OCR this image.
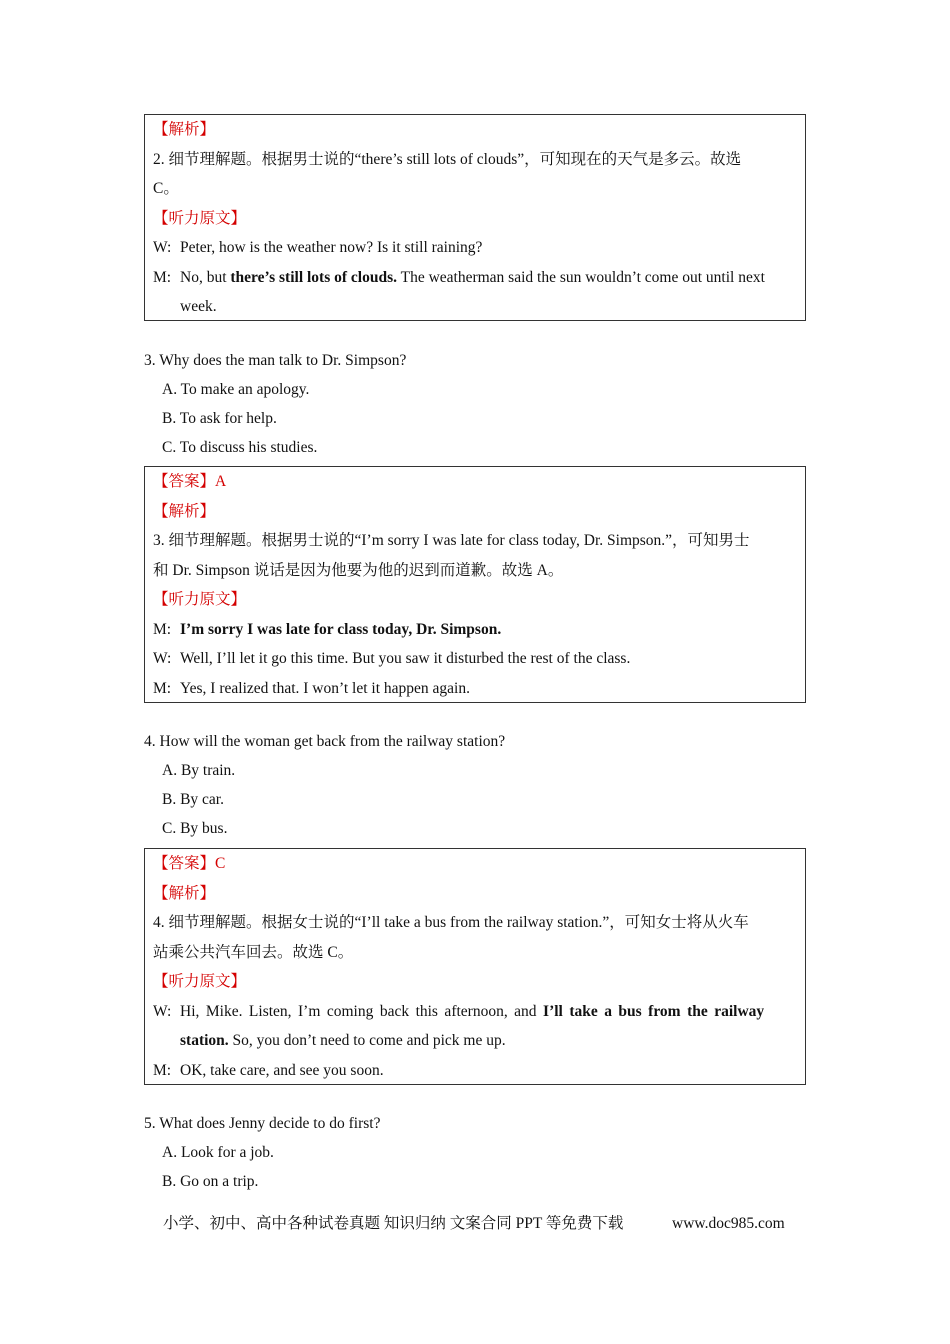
【解析】
2. 细节理解题。根据男士说的“there’s still lots of clouds”，可知现在的天气是多云。故选
C。
【听力原文】
W: Peter, how is the weather now? Is it still raining?
M: No, but there’s still lots of clouds. The weatherman said the sun wouldn’t come out until next
week.
3. Why does the man talk to Dr. Simpson?
A. To make an apology.
B. To ask for help.
C. To discuss his studies.
【答案】A
【解析】
3. 细节理解题。根据男士说的“I’m sorry I was late for class today, Dr. Simpson.”，可知男士
和 Dr. Simpson 说话是因为他要为他的迟到而道歉。故选 A。
【听力原文】
M: I’m sorry I was late for class today, Dr. Simpson.
W: Well, I’ll let it go this time. But you saw it disturbed the rest of the class.
M: Yes, I realized that. I won’t let it happen again.
4. How will the woman get back from the railway station?
A. By train.
B. By car.
C. By bus.
【答案】C
【解析】
4. 细节理解题。根据女士说的“I’ll take a bus from the railway station.”，可知女士将从火车
站乘公共汽车回去。故选 C。
【听力原文】
W: Hi, Mike. Listen, I’m coming back this afternoon, and I’ll take a bus from the railway
station. So, you don’t need to come and pick me up.
M: OK, take care, and see you soon.
5. What does Jenny decide to do first?
A. Look for a job.
B. Go on a trip.
小学、初中、高中各种试卷真题 知识归纳 文案合同 PPT 等免费下载	www.doc985.com
